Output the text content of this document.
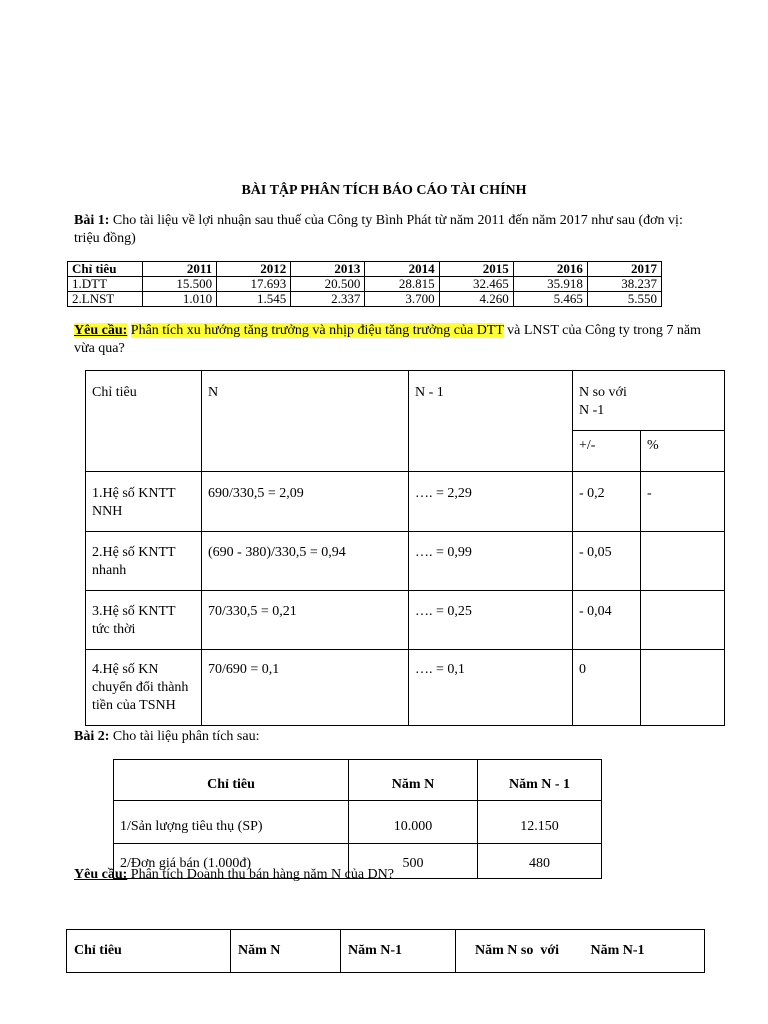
BÀI TẬP PHÂN TÍCH BÁO CÁO TÀI CHÍNH
Bài 1: Cho tài liệu về lợi nhuận sau thuế của Công ty Bình Phát từ năm 2011 đến năm 2017 như sau (đơn vị: triệu đồng)
Chỉ tiêu	2011	2012	2013	2014	2015	2016	2017
1.DTT	15.500	17.693	20.500	28.815	32.465	35.918	38.237
2.LNST	1.010	1.545	2.337	3.700	4.260	5.465	5.550
Yêu cầu: Phân tích xu hướng tăng trưởng và nhịp điệu tăng trưởng của DTT và LNST của Công ty trong 7 năm vừa qua?
Chỉ tiêu	N	N - 1	N so với
N -1	
			+/-	%
1.Hệ số KNTT NNH	690/330,5 = 2,09	…. = 2,29	- 0,2	-
2.Hệ số KNTT nhanh	(690 - 380)/330,5 = 0,94	…. = 0,99	- 0,05	
3.Hệ số KNTT tức thời	70/330,5 = 0,21	…. = 0,25	- 0,04	
4.Hệ số KN chuyển đổi thành tiền của TSNH	70/690 = 0,1	…. = 0,1	0	
Bài 2: Cho tài liệu phân tích sau:
Chỉ tiêu	Năm N	Năm N - 1
1/Sản lượng tiêu thụ (SP)	10.000	12.150
2/Đơn giá bán (1.000đ)	500	480
Yêu cầu: Phân tích Doanh thu bán hàng năm N của DN?
Chỉ tiêu	Năm N	Năm N-1	Năm N so  với         Năm N-1
